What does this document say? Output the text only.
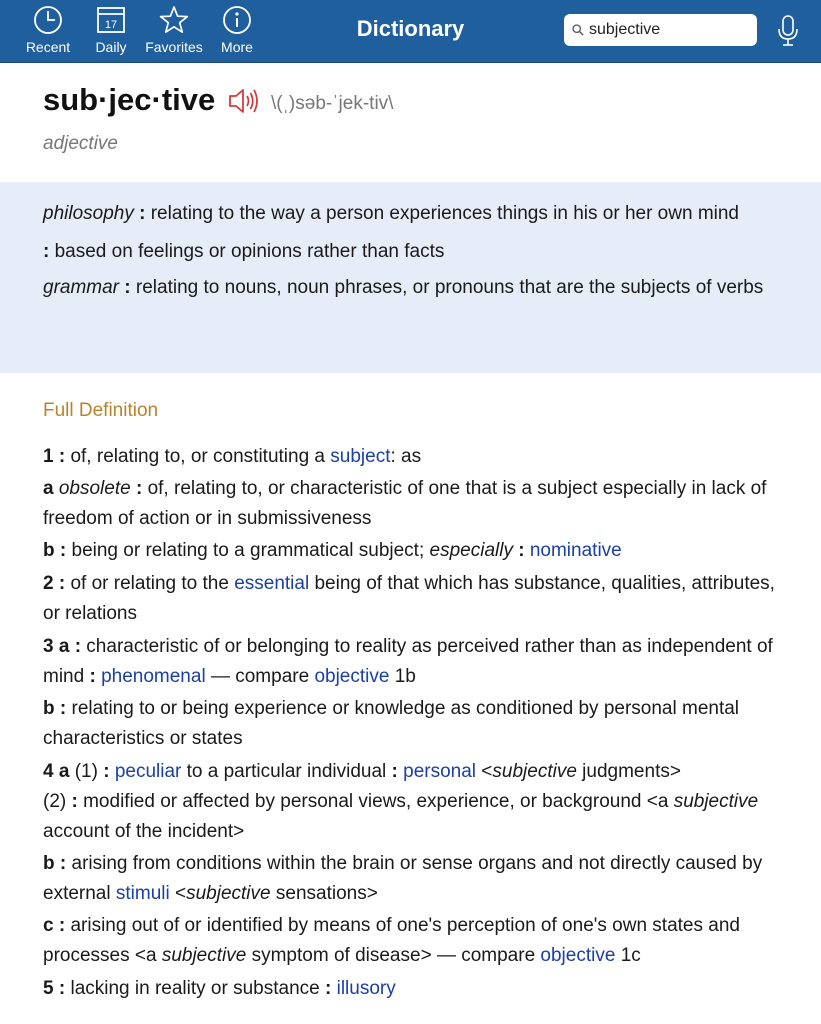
Recent
17
Daily	Favorites	More
Dictionary
subjective
sub·jec·tive	\(ˌ)səb-ˈjek-tiv\
adjective

philosophy : relating to the way a person experiences things in his or her own mind

: based on feelings or opinions rather than facts

grammar : relating to nouns, noun phrases, or pronouns that are the subjects of verbs

Full Definition

1 : of, relating to, or constituting a subject: as

a obsolete : of, relating to, or characteristic of one that is a subject especially in lack of freedom of action or in submissiveness

b : being or relating to a grammatical subject; especially : nominative

2 : of or relating to the essential being of that which has substance, qualities, attributes, or relations

3 a : characteristic of or belonging to reality as perceived rather than as independent of mind : phenomenal — compare objective 1b

b : relating to or being experience or knowledge as conditioned by personal mental characteristics or states

4 a (1) : peculiar to a particular individual : personal <subjective judgments>
(2) : modified or affected by personal views, experience, or background <a subjective account of the incident>

b : arising from conditions within the brain or sense organs and not directly caused by external stimuli <subjective sensations>

c : arising out of or identified by means of one's perception of one's own states and processes <a subjective symptom of disease> — compare objective 1c

5 : lacking in reality or substance : illusory
